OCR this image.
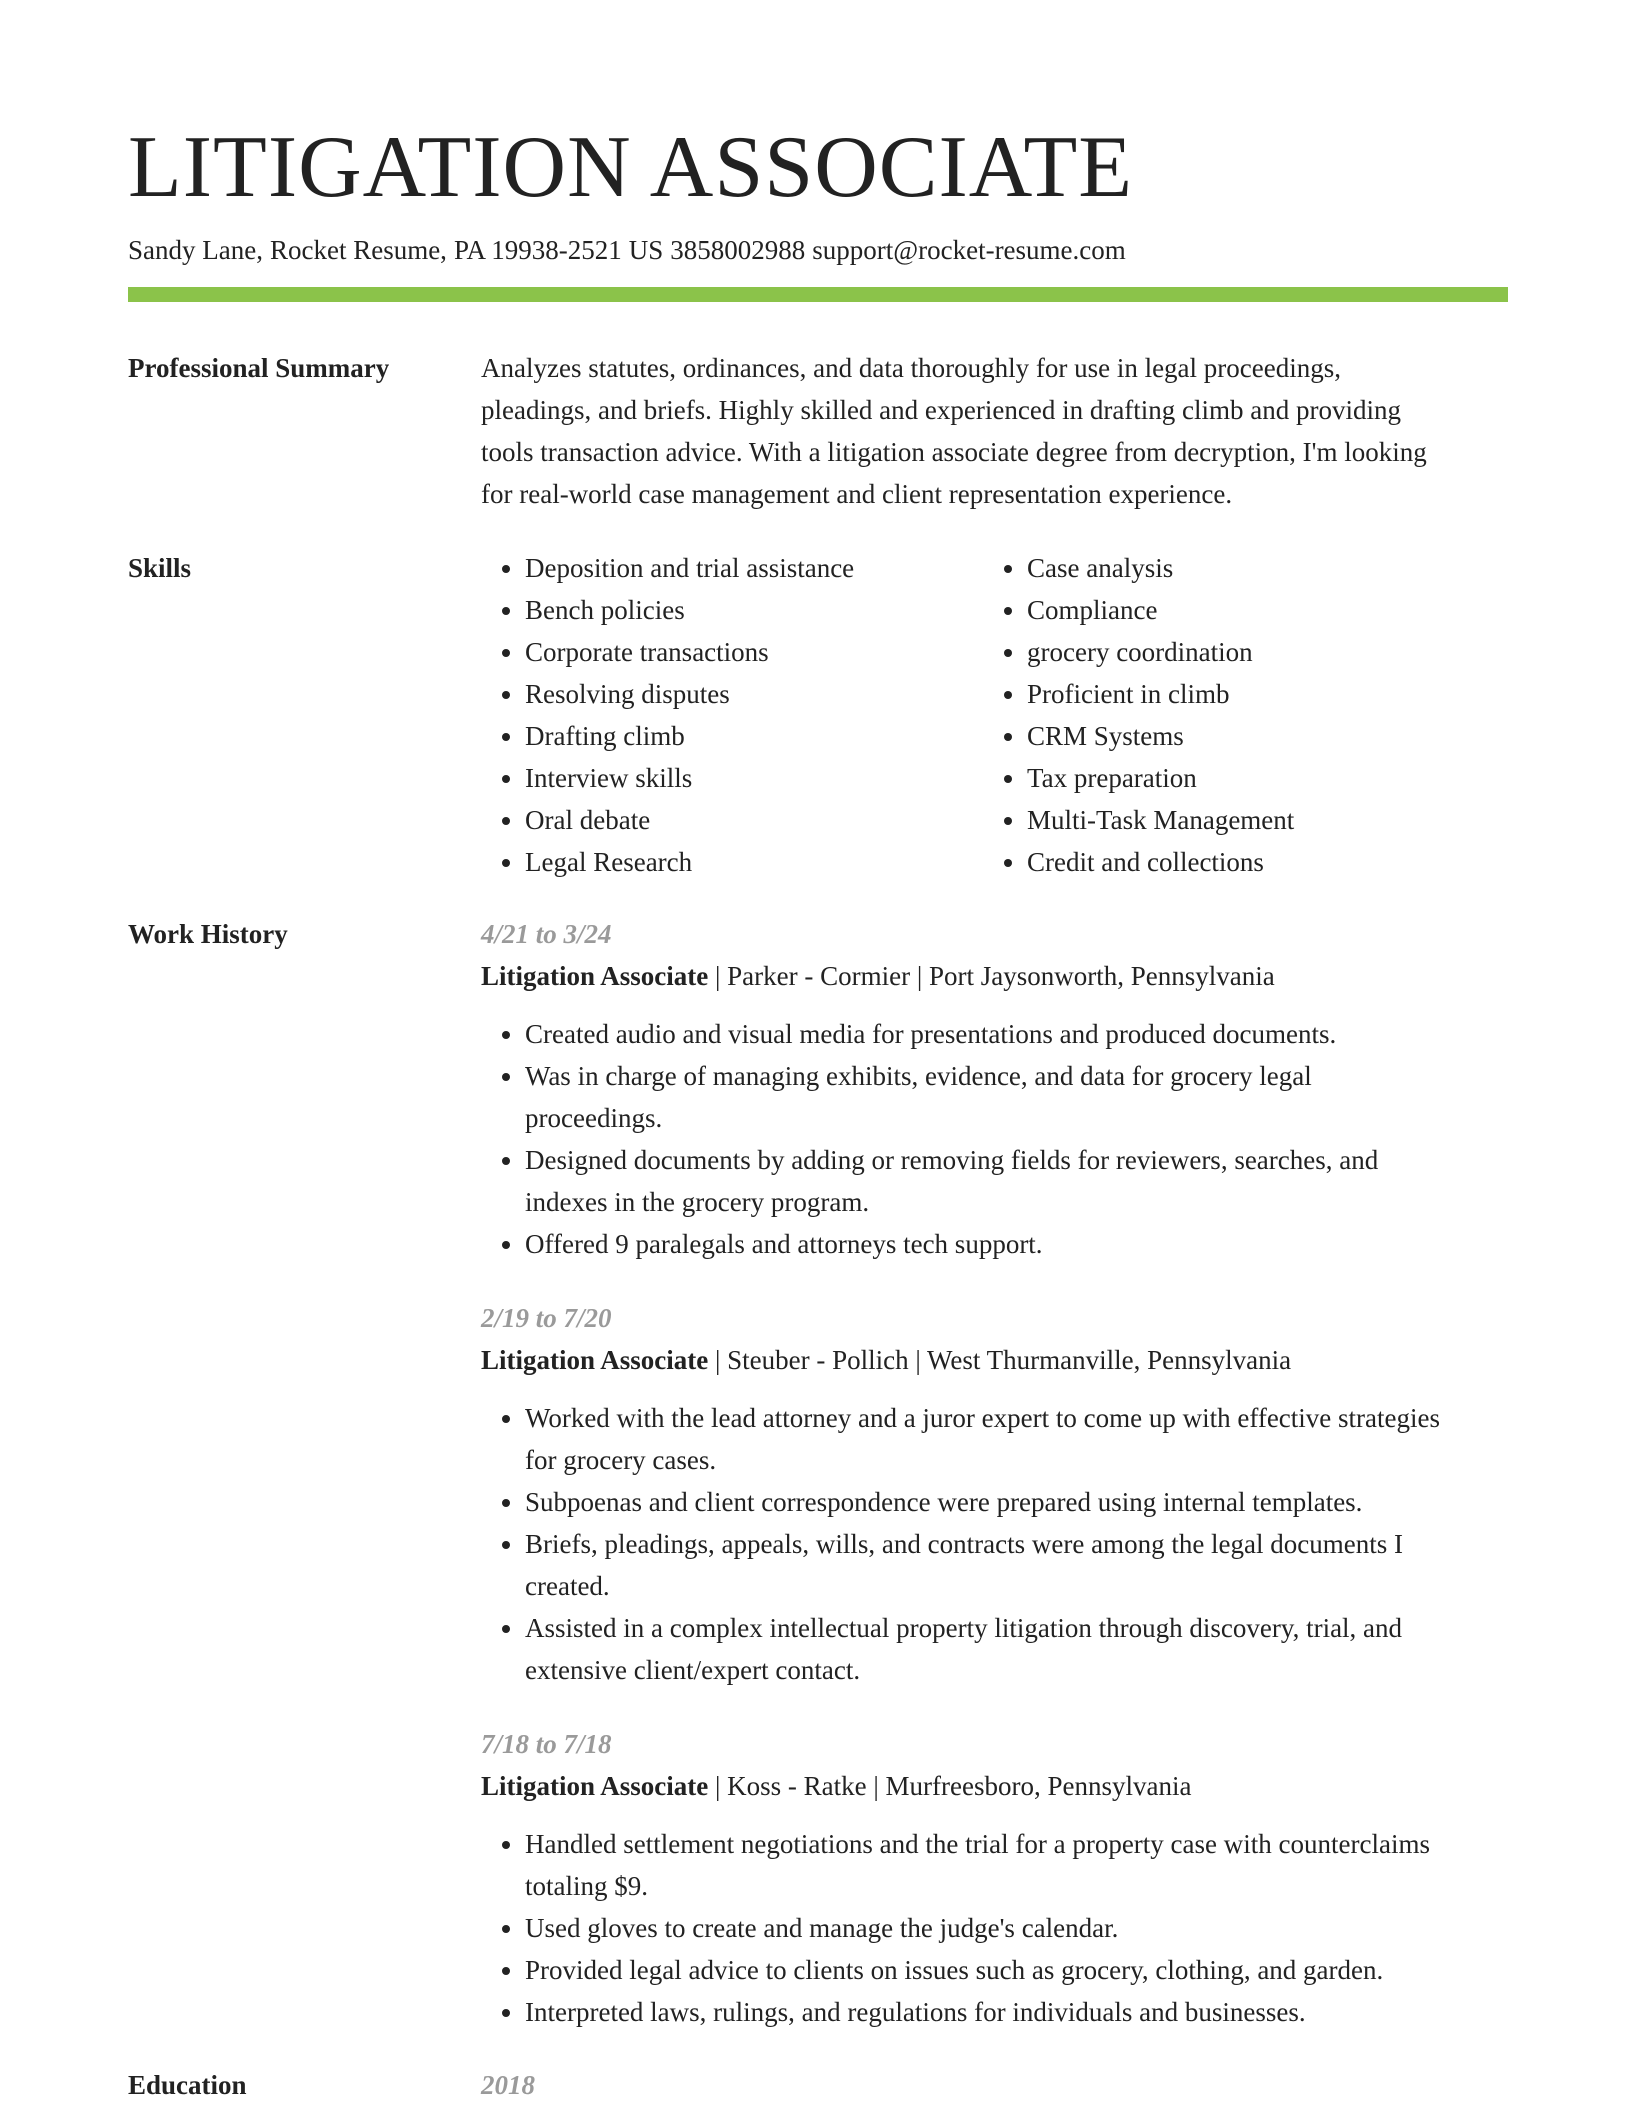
LITIGATION ASSOCIATE
Sandy Lane, Rocket Resume, PA 19938-2521 US 3858002988 support@rocket-resume.com
Professional Summary	Analyzes statutes, ordinances, and data thoroughly for use in legal proceedings,

pleadings, and briefs. Highly skilled and experienced in drafting climb and providing

tools transaction advice. With a litigation associate degree from decryption, I'm looking

for real-world case management and client representation experience.

Skills
•	Deposition and trial assistance
• Bench policies
• Corporate transactions
• Resolving disputes
• Drafting climb
• Interview skills
• Oral debate
• Legal Research
• Case analysis
• Compliance
• grocery coordination
• Proficient in climb
• CRM Systems
• Tax preparation
• Multi-Task Management
• Credit and collections
Work History	4/21 to 3/24
Litigation Associate | Parker - Cormier | Port Jaysonworth, Pennsylvania
• Created audio and visual media for presentations and produced documents.
• Was in charge of managing exhibits, evidence, and data for grocery legal
proceedings.
• Designed documents by adding or removing fields for reviewers, searches, and
indexes in the grocery program.
• Offered 9 paralegals and attorneys tech support.
2/19 to 7/20
Litigation Associate | Steuber - Pollich | West Thurmanville, Pennsylvania
• Worked with the lead attorney and a juror expert to come up with effective strategies
for grocery cases.
• Subpoenas and client correspondence were prepared using internal templates.
• Briefs, pleadings, appeals, wills, and contracts were among the legal documents I
created.
• Assisted in a complex intellectual property litigation through discovery, trial, and
extensive client/expert contact.
7/18 to 7/18
Litigation Associate | Koss - Ratke | Murfreesboro, Pennsylvania
• Handled settlement negotiations and the trial for a property case with counterclaims
totaling $9.
• Used gloves to create and manage the judge's calendar.
• Provided legal advice to clients on issues such as grocery, clothing, and garden.
• Interpreted laws, rulings, and regulations for individuals and businesses.
Education	2018
